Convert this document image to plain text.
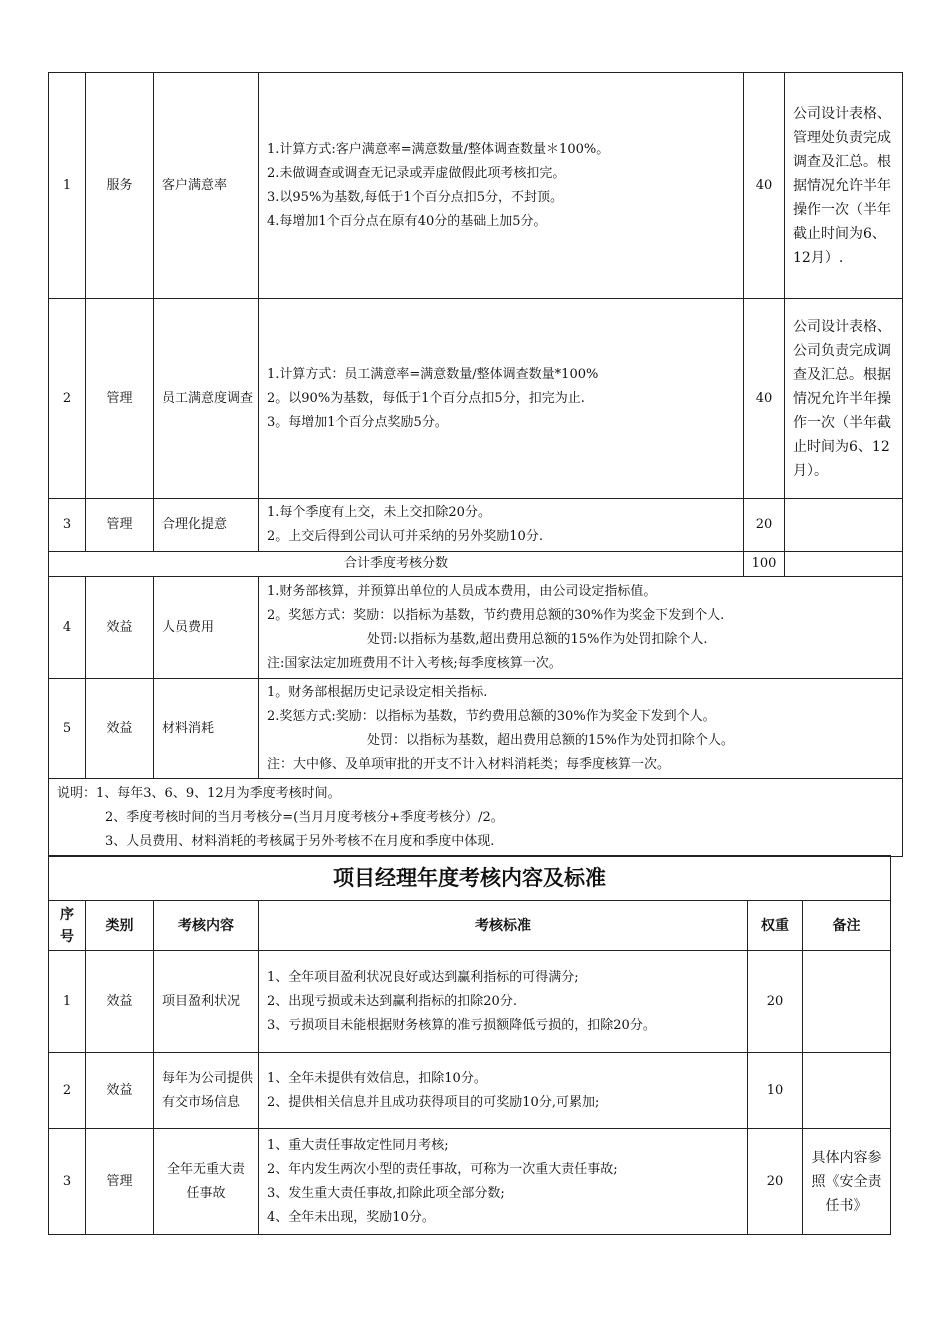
1	服务	客户满意率	1.计算方式:客户满意率=满意数量/整体调查数量＊100%。
2.未做调查或调查无记录或弄虚做假此项考核扣完。
3.以95%为基数,每低于1个百分点扣5分，不封顶。
4.每增加1个百分点在原有40分的基础上加5分。	40	公司设计表格、管理处负责完成调查及汇总。根据情况允许半年操作一次（半年截止时间为6、12月）.
2	管理	员工满意度调查	1.计算方式：员工满意率=满意数量/整体调查数量*100%
2。以90%为基数，每低于1个百分点扣5分，扣完为止.
3。每增加1个百分点奖励5分。	40	公司设计表格、公司负责完成调查及汇总。根据情况允许半年操作一次（半年截止时间为6、12月）。
3	管理	合理化提意	1.每个季度有上交，未上交扣除20分。
2。上交后得到公司认可并采纳的另外奖励10分.	20	
合计季度考核分数				100	
4	效益	人员费用	1.财务部核算，并预算出单位的人员成本费用，由公司设定指标值。
2。奖惩方式：奖励：以指标为基数，节约费用总额的30%作为奖金下发到个人.
处罚:以指标为基数,超出费用总额的15%作为处罚扣除个人.
注:国家法定加班费用不计入考核;每季度核算一次。		

5	效益	材料消耗	1。财务部根据历史记录设定相关指标.
2.奖惩方式:奖励：以指标为基数，节约费用总额的30%作为奖金下发到个人。
处罚：以指标为基数，超出费用总额的15%作为处罚扣除个人。
注：大中修、及单项审批的开支不计入材料消耗类；每季度核算一次。		

说明：1、每年3、6、9、12月为季度考核时间。
2、季度考核时间的当月考核分=(当月月度考核分+季度考核分）/2。
3、人员费用、材料消耗的考核属于另外考核不在月度和季度中体现.					
项目经理年度考核内容及标准					
序号	类别	考核内容	考核标准	权重	备注
1	效益	项目盈利状况	1、全年项目盈利状况良好或达到赢利指标的可得满分;
2、出现亏损或未达到赢利指标的扣除20分.
3、亏损项目未能根据财务核算的准亏损额降低亏损的，扣除20分。	20	
2	效益	每年为公司提供有交市场信息	1、全年未提供有效信息，扣除10分。
2、提供相关信息并且成功获得项目的可奖励10分,可累加;	10	
3	管理	全年无重大责任事故	1、重大责任事故定性同月考核;
2、年内发生两次小型的责任事故，可称为一次重大责任事故;
3、发生重大责任事故,扣除此项全部分数;
4、全年未出现，奖励10分。	20	具体内容参照《安全责任书》
